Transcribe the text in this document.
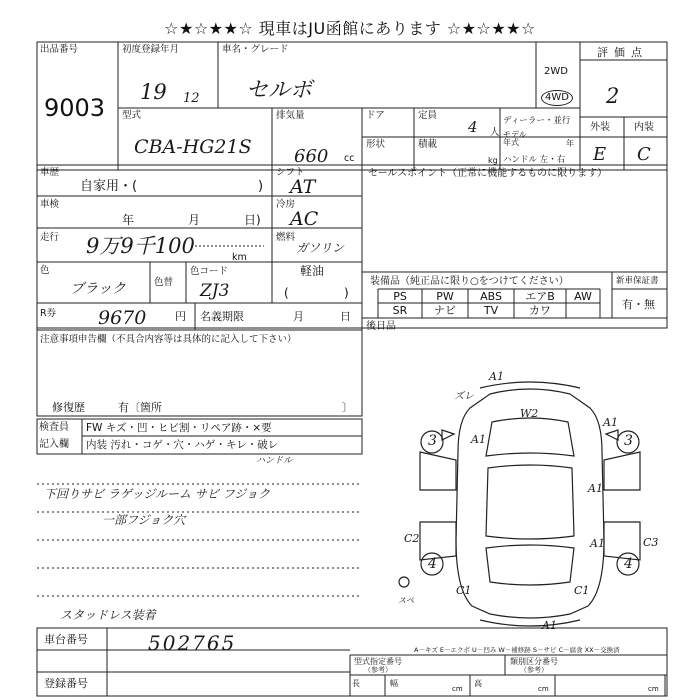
☆★☆★★☆ 現車はJU函館にあります ☆★☆★★☆
出品番号
9003
初度登録年月
19 12
車名・グレード
セルボ
2WD
4WD
評価点
2
外装 内装
E C
型式
CBA-HG21S
排気量
660 cc
ドア
形状
定員
4 人
積載
kg
ディーラー・並行
モデル年式	年
ハンドル 左・右
車歴
自家用・(	)
シフト
AT
セールスポイント（正常に機能するものに限ります）
車検
年	月	日)
冷房
AC
走行 9万9千100	km
燃料
ガソリン
軽油
(	)
色
ブラック	色替
色コード
ZJ3
R券 9670	円 名義期限	月	日
装備品（純正品に限り○をつけてください）
PS	PW	ABS	エアB	AW
SR	ナビ	TV	カワ
新車保証書
有・無
後日品
注意事項申告欄（不具合内容等は具体的に記入して下さい）
修復歴	有〔箇所	〕
検査員
記入欄
FW キズ・凹・ヒビ割・リペア跡・×要
内装 汚れ・コゲ・穴・ハゲ・キレ・破レ
ハンドル
下回りサビ ラゲッジルーム サビ フジョク
一部フジョク穴
スタッドレス装着
車台番号	502765
登録番号
A－キズ E－エクボ U－凹み W－補修跡 S－サビ C－腐食 XX－交換済
型式指定番号
（参考）
類別区分番号
（参考）
長
cm
幅
cm
高
cm
A1
ズレ
W2
A1
A1
3	3
A1
A1
C2	C3
4	4
C1	C1
A1
スペ
